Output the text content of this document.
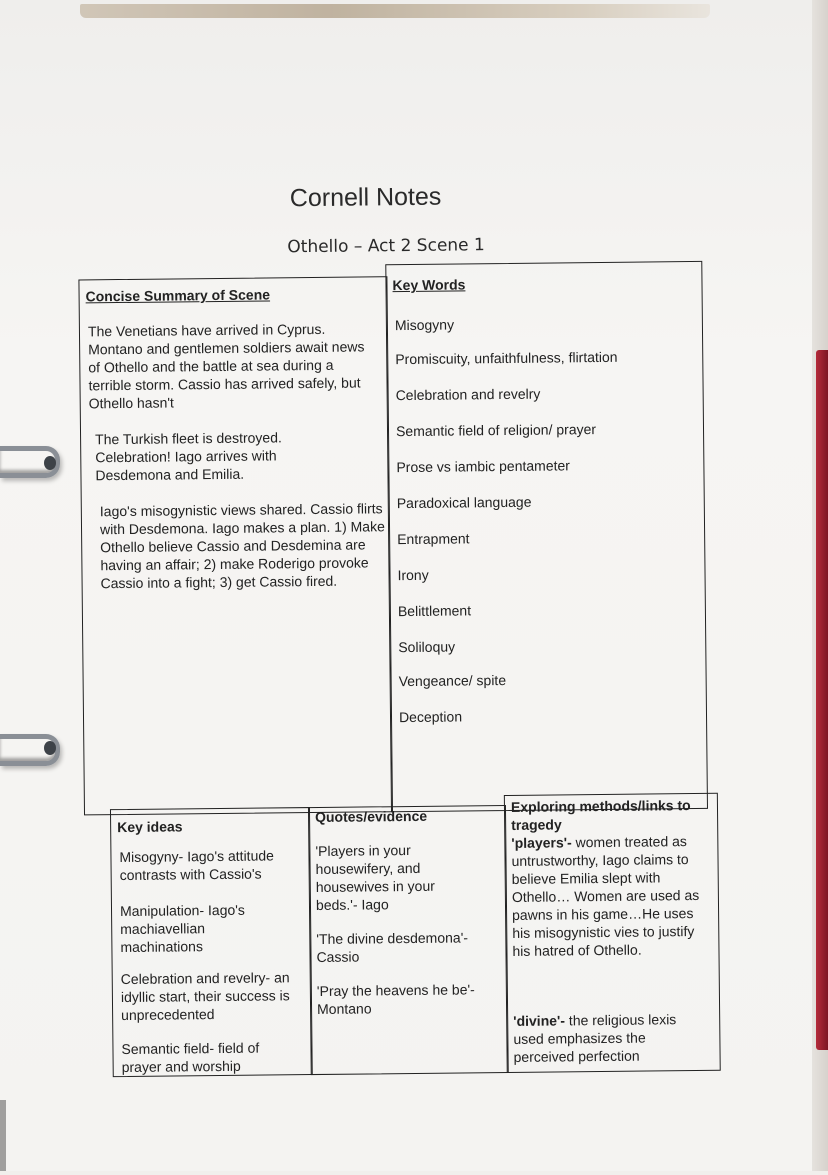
Cornell Notes
Othello – Act 2 Scene 1
Concise Summary of Scene
The Venetians have arrived in Cyprus. Montano and gentlemen soldiers await news of Othello and the battle at sea during a terrible storm. Cassio has arrived safely, but Othello hasn't
The Turkish fleet is destroyed. Celebration! Iago arrives with Desdemona and Emilia.
Iago's misogynistic views shared. Cassio flirts with Desdemona. Iago makes a plan. 1) Make Othello believe Cassio and Desdemina are having an affair; 2) make Roderigo provoke Cassio into a fight; 3) get Cassio fired.
Key Words
Misogyny
Promiscuity, unfaithfulness, flirtation
Celebration and revelry
Semantic field of religion/ prayer
Prose vs iambic pentameter
Paradoxical language
Entrapment
Irony
Belittlement
Soliloquy
Vengeance/ spite
Deception
Key ideas
Misogyny- Iago's attitude contrasts with Cassio's
Manipulation- Iago's machiavellian machinations
Celebration and revelry- an idyllic start, their success is unprecedented
Semantic field- field of prayer and worship
Quotes/evidence
'Players in your housewifery, and housewives in your beds.'- Iago
'The divine desdemona'- Cassio
'Pray the heavens he be'-Montano
Exploring methods/links to tragedy
'players'- women treated as untrustworthy, Iago claims to believe Emilia slept with Othello… Women are used as pawns in his game…He uses his misogynistic vies to justify his hatred of Othello.
'divine'- the religious lexis used emphasizes the perceived perfection
